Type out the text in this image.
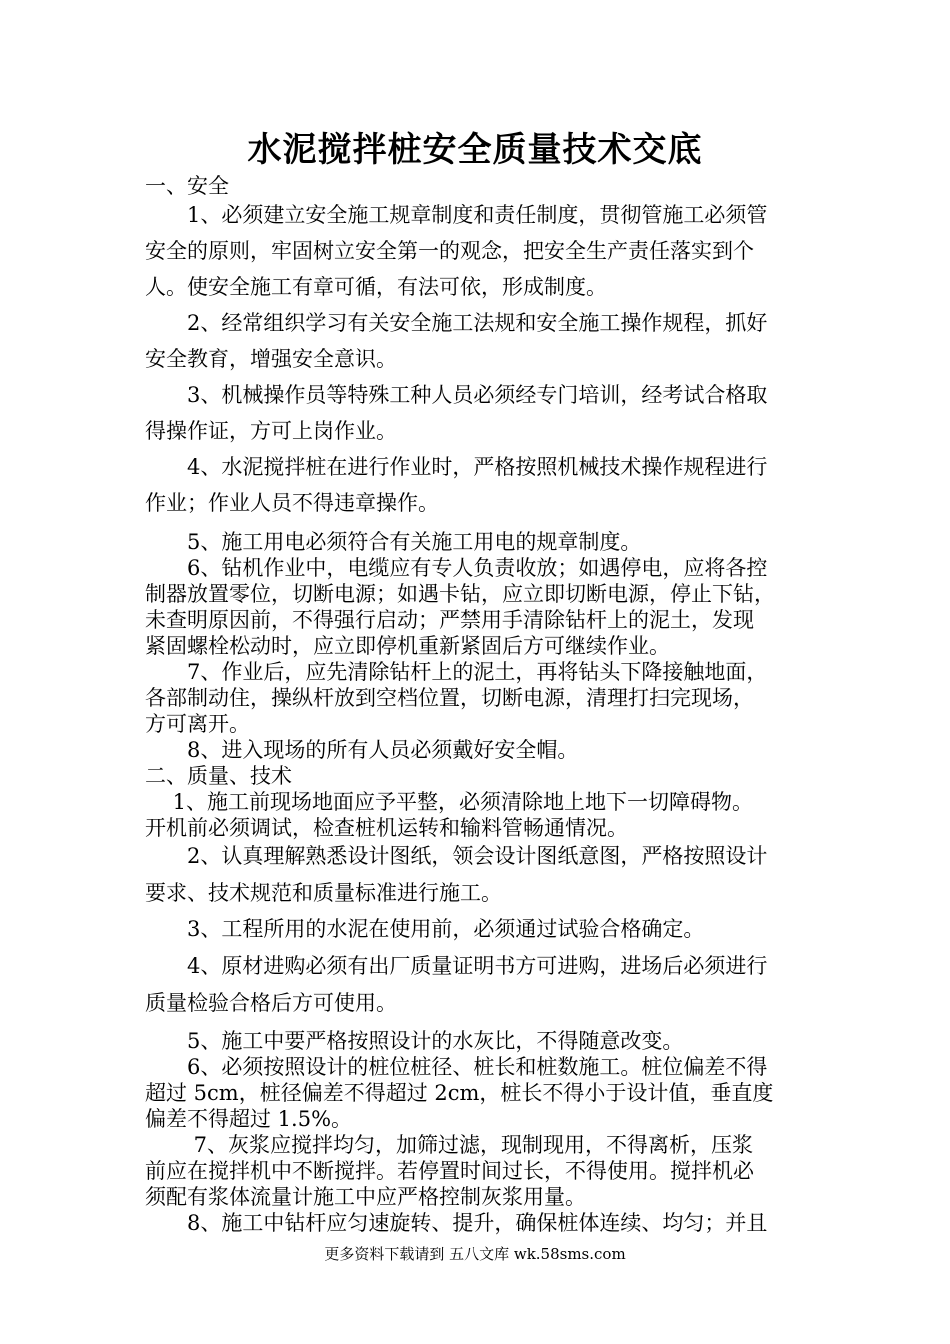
水泥搅拌桩安全质量技术交底

一、安全

　　1、必须建立安全施工规章制度和责任制度，贯彻管施工必须管

安全的原则，牢固树立安全第一的观念，把安全生产责任落实到个

人。使安全施工有章可循，有法可依，形成制度。

　　2、经常组织学习有关安全施工法规和安全施工操作规程，抓好

安全教育，增强安全意识。

　　3、机械操作员等特殊工种人员必须经专门培训，经考试合格取

得操作证，方可上岗作业。

　　4、水泥搅拌桩在进行作业时，严格按照机械技术操作规程进行

作业；作业人员不得违章操作。

　　5、施工用电必须符合有关施工用电的规章制度。

　　6、钻机作业中，电缆应有专人负责收放；如遇停电，应将各控

制器放置零位，切断电源；如遇卡钻，应立即切断电源，停止下钻，

未查明原因前，不得强行启动；严禁用手清除钻杆上的泥土，发现

紧固螺栓松动时，应立即停机重新紧固后方可继续作业。

　　7、作业后，应先清除钻杆上的泥土，再将钻头下降接触地面，

各部制动住，操纵杆放到空档位置，切断电源，清理打扫完现场，

方可离开。

　　8、进入现场的所有人员必须戴好安全帽。

二、质量、技术

　 1、施工前现场地面应予平整，必须清除地上地下一切障碍物。

开机前必须调试，检查桩机运转和输料管畅通情况。

　　2、认真理解熟悉设计图纸，领会设计图纸意图，严格按照设计

要求、技术规范和质量标准进行施工。

　　3、工程所用的水泥在使用前，必须通过试验合格确定。

　　4、原材进购必须有出厂质量证明书方可进购，进场后必须进行

质量检验合格后方可使用。

　　5、施工中要严格按照设计的水灰比，不得随意改变。

　　6、必须按照设计的桩位桩径、桩长和桩数施工。桩位偏差不得

超过 5cm，桩径偏差不得超过 2cm，桩长不得小于设计值，垂直度

偏差不得超过 1.5%。

　　 7、灰浆应搅拌均匀，加筛过滤，现制现用，不得离析，压浆

前应在搅拌机中不断搅拌。若停置时间过长，不得使用。搅拌机必

须配有浆体流量计施工中应严格控制灰浆用量。

　　8、施工中钻杆应匀速旋转、提升，确保桩体连续、均匀；并且

更多资料下载请到 五八文库 wk.58sms.com
